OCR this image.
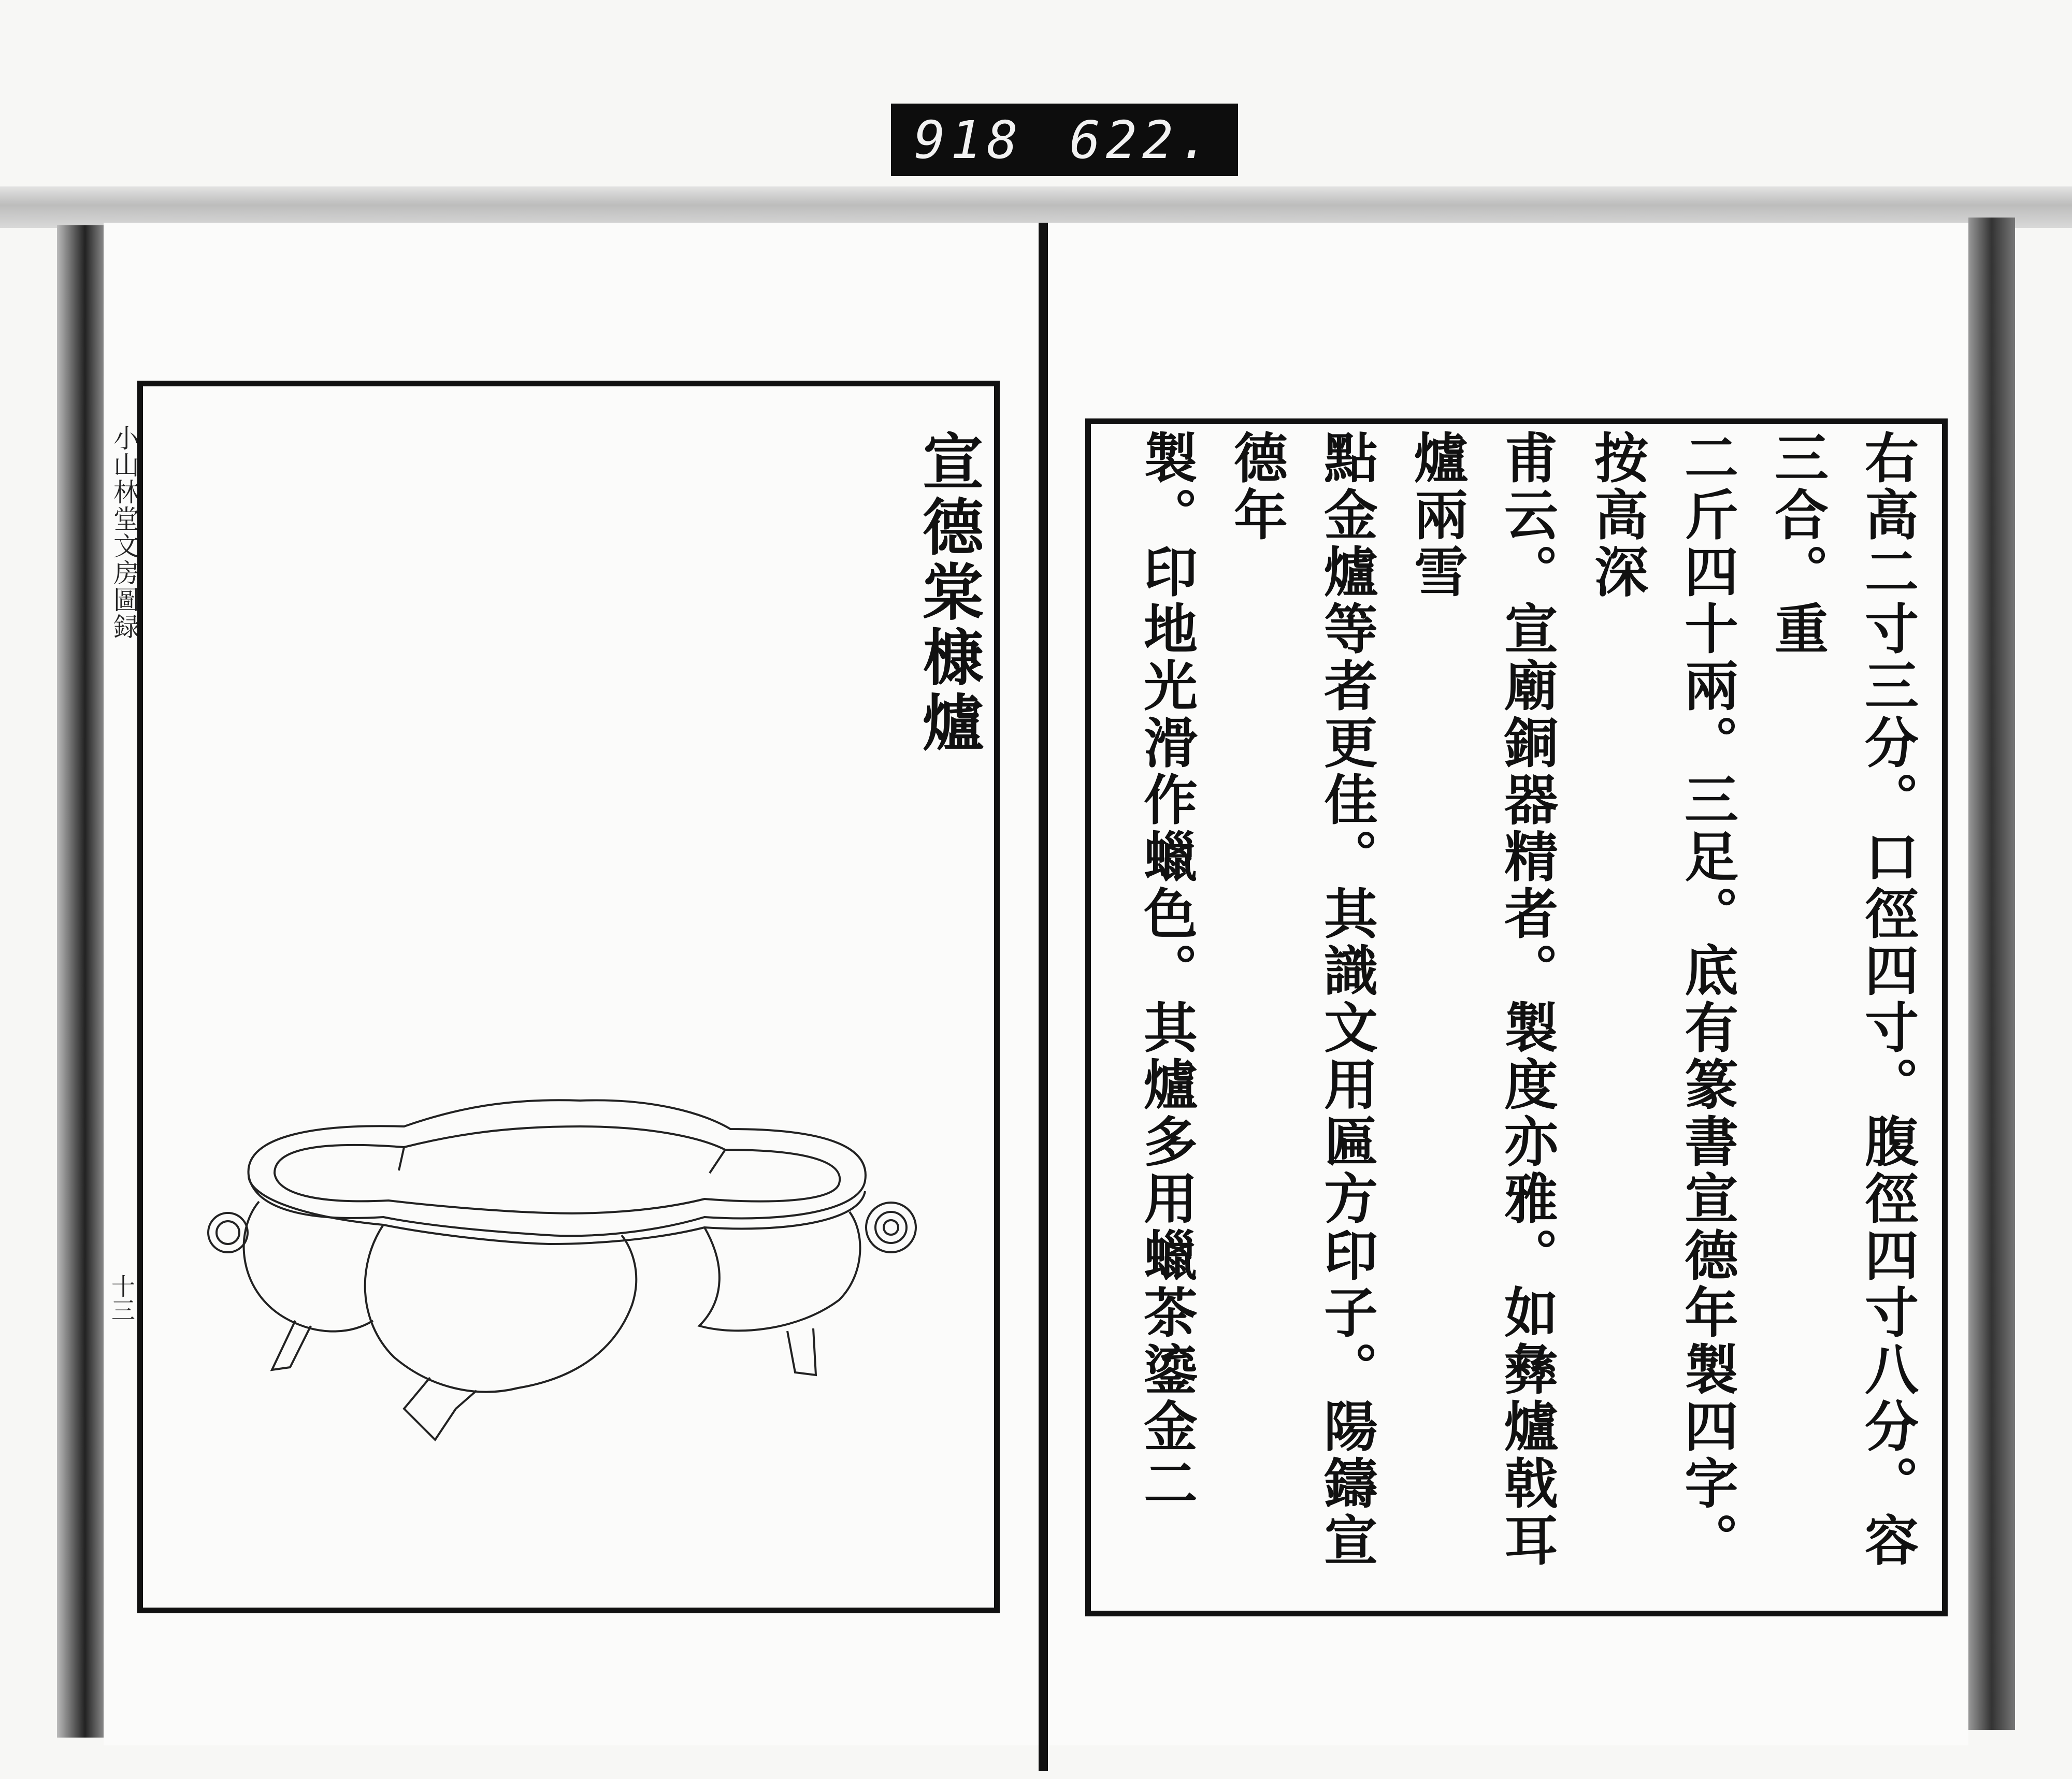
918 622.
小山林堂文房圖録
十三
宣德棠槺爐	右高二寸三分。口徑四寸。腹徑四寸八分。容三合。重
二斤四十兩。三足。底有篆書宣德年製四字。按高深
甫云。宣廟銅器精者。製度亦雅。如彝爐戟耳爐兩雪
點金爐等者更佳。其識文用匾方印子。陽鑄宣德年
製。印地光滑作蠟色。其爐多用蠟茶鎏金二
